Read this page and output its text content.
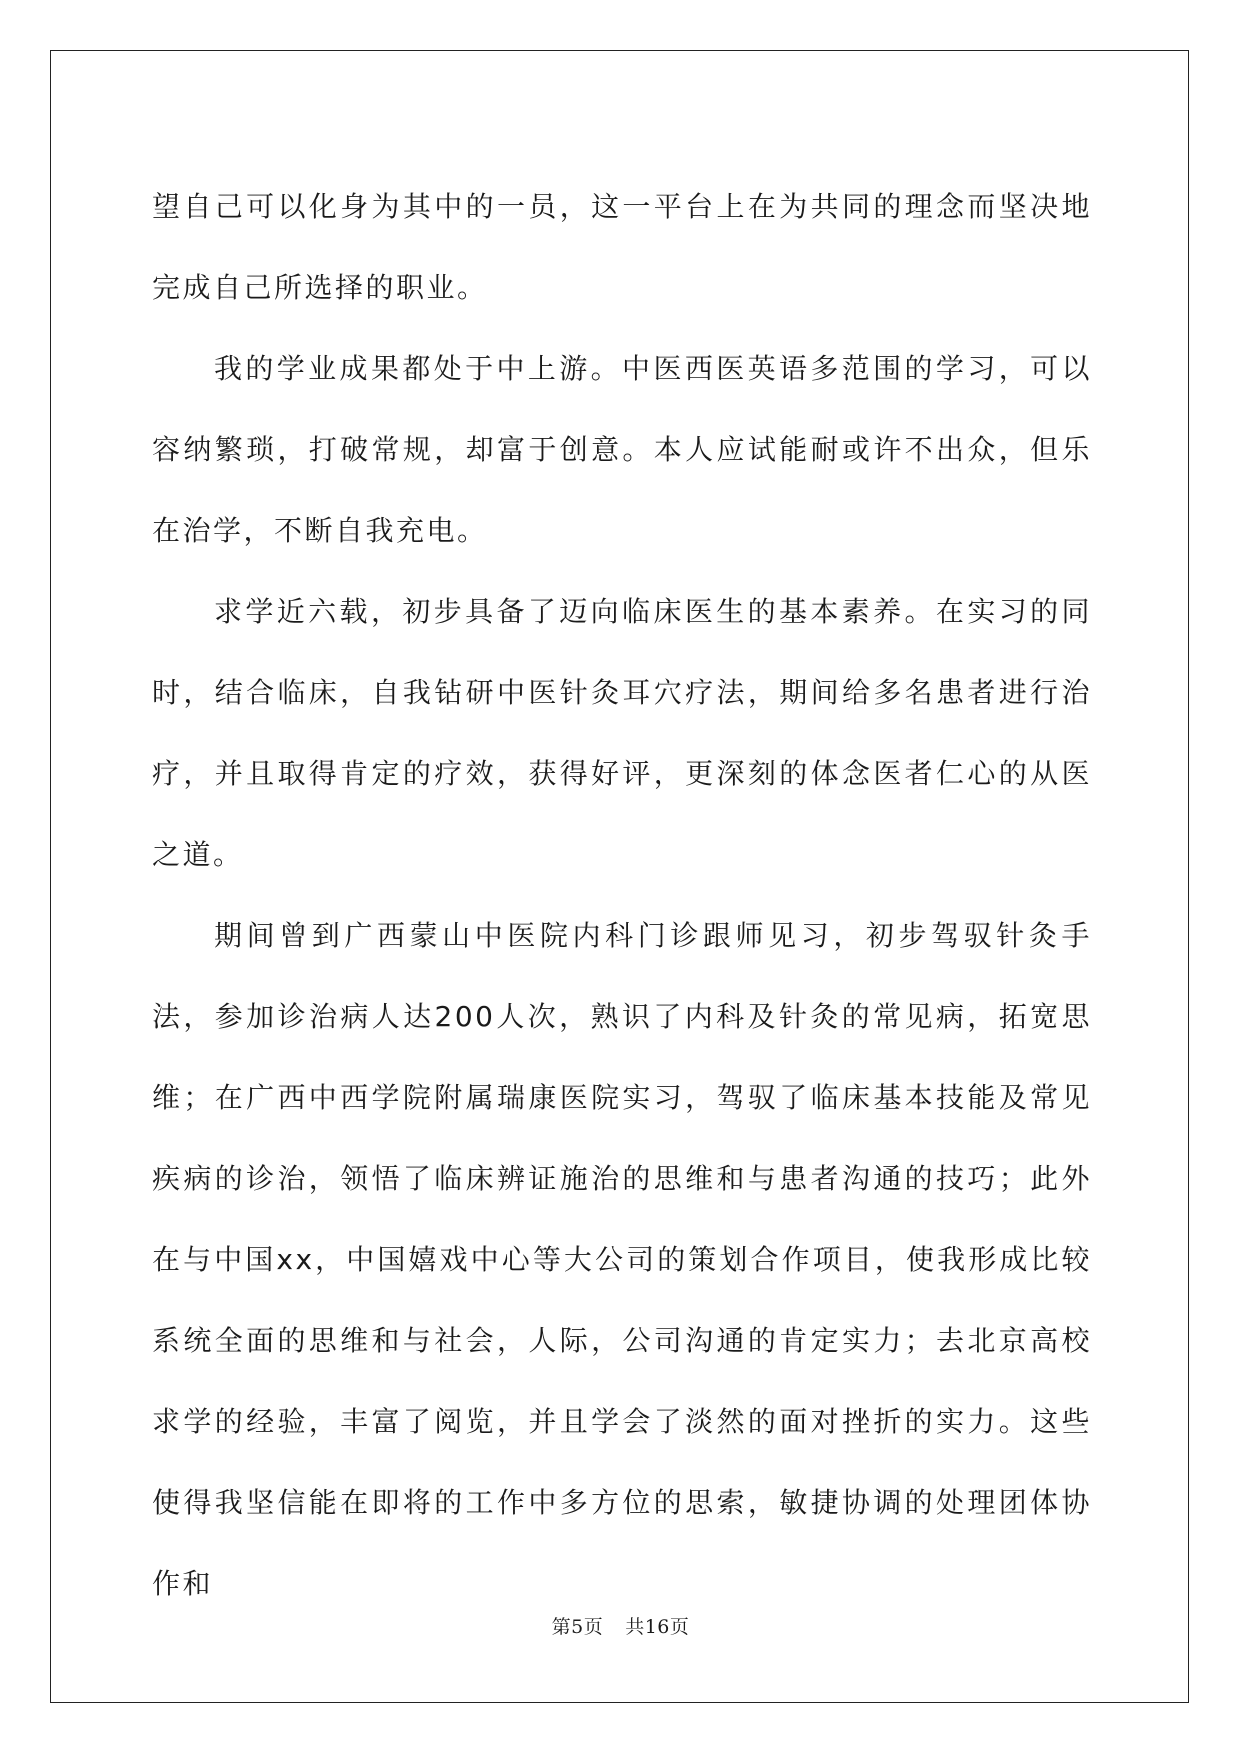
望自己可以化身为其中的一员，这一平台上在为共同的理念而坚决地完成自己所选择的职业。

我的学业成果都处于中上游。中医西医英语多范围的学习，可以容纳繁琐，打破常规，却富于创意。本人应试能耐或许不出众，但乐在治学，不断自我充电。

求学近六载，初步具备了迈向临床医生的基本素养。在实习的同时，结合临床，自我钻研中医针灸耳穴疗法，期间给多名患者进行治疗，并且取得肯定的疗效，获得好评，更深刻的体念医者仁心的从医之道。

期间曾到广西蒙山中医院内科门诊跟师见习，初步驾驭针灸手法，参加诊治病人达200人次，熟识了内科及针灸的常见病，拓宽思维；在广西中西学院附属瑞康医院实习，驾驭了临床基本技能及常见疾病的诊治，领悟了临床辨证施治的思维和与患者沟通的技巧；此外在与中国xx，中国嬉戏中心等大公司的策划合作项目，使我形成比较系统全面的思维和与社会，人际，公司沟通的肯定实力；去北京高校求学的经验，丰富了阅览，并且学会了淡然的面对挫折的实力。这些使得我坚信能在即将的工作中多方位的思索，敏捷协调的处理团体协作和

第5页 共16页
